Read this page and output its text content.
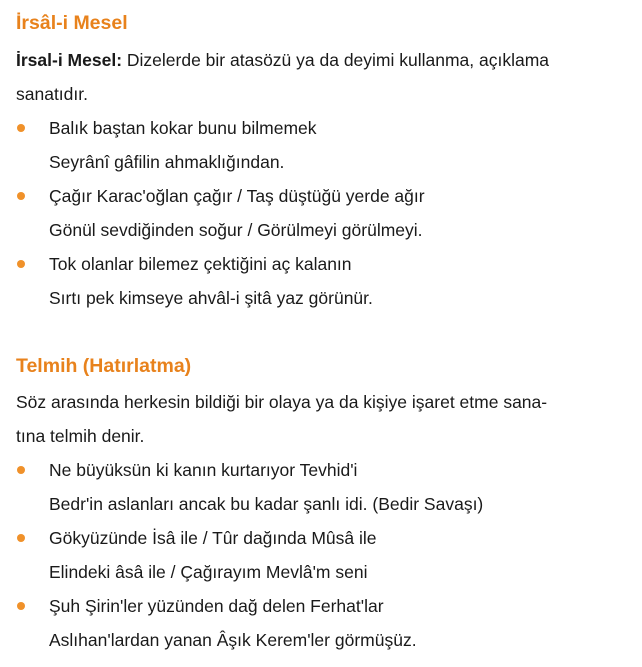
İrsâl-i Mesel

İrsal-i Mesel: Dizelerde bir atasözü ya da deyimi kullanma, açıklama
sanatıdır.

Balık baştan kokar bunu bilmemek
Seyrânî gâfilin ahmaklığından.
Çağır Karac'oğlan çağır / Taş düştüğü yerde ağır
Gönül sevdiğinden soğur / Görülmeyi görülmeyi.
Tok olanlar bilemez çektiğini aç kalanın
Sırtı pek kimseye ahvâl-i şitâ yaz görünür.
Telmih (Hatırlatma)

Söz arasında herkesin bildiği bir olaya ya da kişiye işaret etme sana-
tına telmih denir.

Ne büyüksün ki kanın kurtarıyor Tevhid'i
Bedr'in aslanları ancak bu kadar şanlı idi. (Bedir Savaşı)
Gökyüzünde İsâ ile / Tûr dağında Mûsâ ile
Elindeki âsâ ile / Çağırayım Mevlâ'm seni
Şuh Şirin'ler yüzünden dağ delen Ferhat'lar
Aslıhan'lardan yanan Âşık Kerem'ler görmüşüz.
